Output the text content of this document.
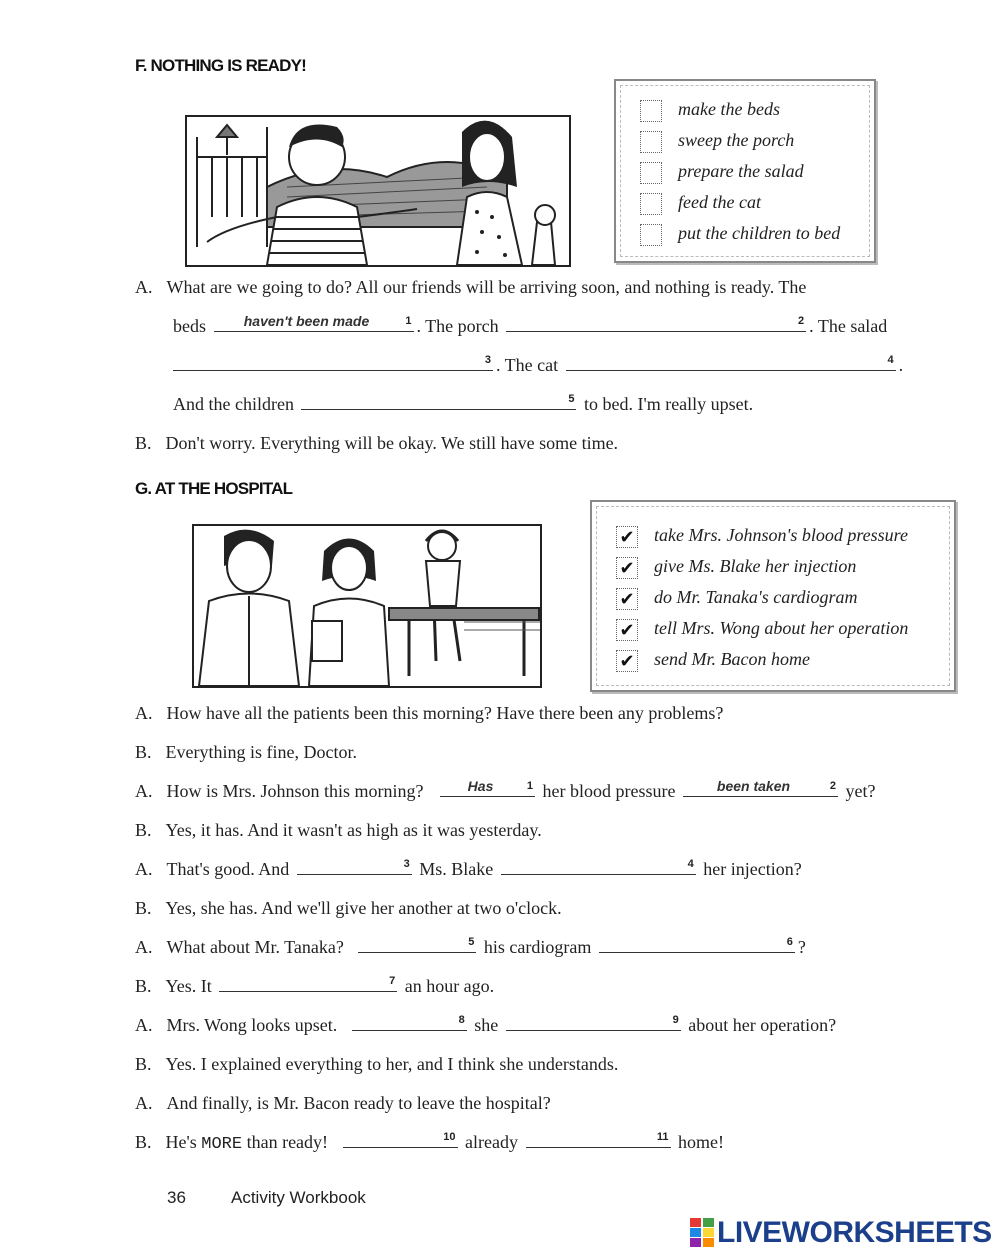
F. NOTHING IS READY!
make the beds
sweep the porch
prepare the salad
feed the cat
put the children to bed
A. What are we going to do? All our friends will be arriving soon, and nothing is ready. The
beds	haven't been made	1 . The porch	2 . The salad
3 . The cat	4 .
And the children	5 to bed. I'm really upset.
B. Don't worry. Everything will be okay. We still have some time.
G. AT THE HOSPITAL
✔ take Mrs. Johnson's blood pressure
✔ give Ms. Blake her injection
✔ do Mr. Tanaka's cardiogram
✔ tell Mrs. Wong about her operation
✔ send Mr. Bacon home
A. How have all the patients been this morning? Have there been any problems?
B. Everything is fine, Doctor.
A. How is Mrs. Johnson this morning?	Has	1 her blood pressure	been taken	2 yet?
B. Yes, it has. And it wasn't as high as it was yesterday.
A. That's good. And	3 Ms. Blake	4 her injection?
B. Yes, she has. And we'll give her another at two o'clock.
A. What about Mr. Tanaka?	5 his cardiogram	6 ?
B. Yes. It	7 an hour ago.
A. Mrs. Wong looks upset.	8 she	9 about her operation?
B. Yes. I explained everything to her, and I think she understands.
A. And finally, is Mr. Bacon ready to leave the hospital?
B. He's MORE than ready!	10 already	11 home!
36	Activity Workbook
LIVEWORKSHEETS
